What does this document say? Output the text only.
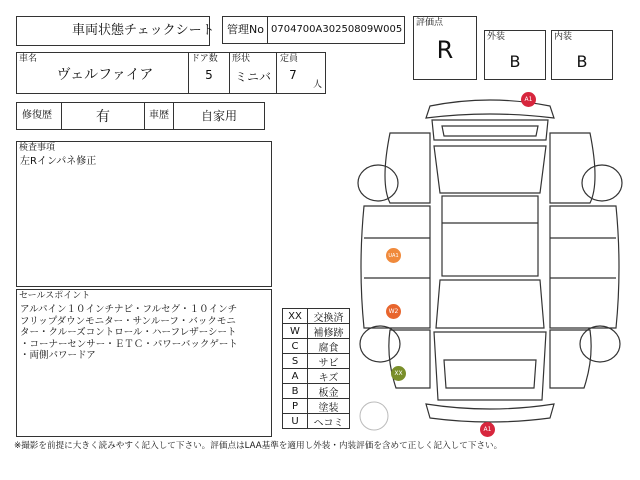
車両状態チェックシート 管理No 0704700A30250809W005
車名
ヴェルファイア
ドア数
5
形状
ミニバ
定員
7
人
評価点
R	外装
B
内装
B
修復歴	有	車歴	自家用
検査事項
左Rインパネ修正
セールスポイント
アルパイン１０インチナビ・フルセグ・１０インチ
フリップダウンモニター・サンルーフ・バックモニ
ター・クルーズコントロール・ハーフレザーシート
・コーナーセンサー・ＥＴＣ・パワーバックゲート
・両側パワードア
XX	交換済
W	補修跡
C	腐食
S	サビ
A	キズ
B	板金
P	塗装
U	ヘコミ
A1
UA1
W2
XX
A1
※撮影を前提に大きく読みやすく記入して下さい。評価点はLAA基準を適用し外装・内装評価を含めて正しく記入して下さい。
